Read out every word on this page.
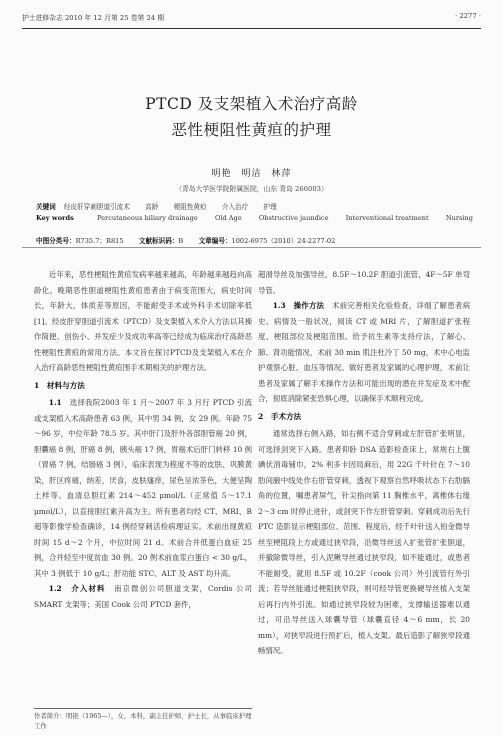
护士进修杂志 2010 年 12 月第 25 卷第 24 期	· 2277 ·
PTCD 及支架植入术治疗高龄
恶性梗阻性黄疸的护理
明艳　明洁　林萍
（青岛大学医学院附属医院，山东 青岛 266003）
关键词 经皮肝穿刺胆道引流术　　 高龄　　 梗阻性黄疸　　 介入治疗　　 护理
Key words	Percutaneous biliary drainage	Old Age	Obstructive jaundice	Interventional treatment	Nursing
中图分类号：R735.7；R815　　 文献标识码：B　　 文章编号：1002-6975（2010）24-2277-02

近年来，恶性梗阻性黄疸发病率越来越高，年龄越来越趋向高龄化。晚期恶性胆道梗阻性黄疸患者由于病变范围大，病史时间长，年龄大，体质差等原因，不能耐受手术或外科手术切除率低[1]。经皮肝穿胆道引流术（PTCD）及支架植入术介入方法以其操作简便、创伤小、并发症少及成功率高等已经成为临床治疗高龄恶性梗阻性黄疸的常用方法。本文旨在探讨PTCD及支架植入术在介入治疗高龄恶性梗阻性黄疸围手术期相关的护理方法。

1　材料与方法

1.1　 选择我院2003 年 1 月～2007 年 3 月行 PTCD 引流或支架植入术高龄患者 63 例，其中男 34 例，女 29 例。年龄 75～96 岁，中位年龄 78.5 岁。其中肝门及肝外各部胆管癌 20 例，胆囊癌 8 例，肝癌 8 例，胰头癌 17 例，胃癌术后肝门转移 10 例（胃癌 7 例，结肠癌 3 例），临床表现为程度不等的皮肤、巩膜黄染，肝区疼痛，纳差，厌食，皮肤瘙痒，尿色呈浓茶色，大便呈陶土样等。血清总胆红素 214～452 μmol/L（正常值 5～17.1 μmol/L），以直接胆红素升高为主。所有患者均经 CT、MRI、B 超等影像学检查确诊，14 例经穿刺活检病理证实。术前出现黄疸时间 15 d～2 个月，中位时间 21 d。术前合并低蛋白血症 25 例，合并轻至中度贫血 30 例。20 例术前血浆白蛋白 < 30 g/L，其中 3 例低于 10 g/L；肝功能 STC、ALT 及 AST 均升高。

1.2　 介入材料　 南京微创公司胆道支架，Cordis 公司 SMART 支架等；美国 Cook 公司 PTCD 套件，

作者简介：明艳（1965—），女，本科，副主任护师，护士长，从事临床护理工作

超滑导丝及加强导丝，8.5F～10.2F 胆道引流管，4F～5F 单弯导管。

1.3　 操作方法　 术前完善相关化验检查，详细了解患者病史、病情及一般状况，阅读 CT 或 MRI 片，了解胆道扩张程度、梗阻部位及梗阻范围。给予抗生素等支持疗法，了解心、肺、肾功能情况，术前 30 min 肌注杜冷丁 50 mg，术中心电监护观察心脏、血压等情况。做好患者及家属的心理护理，术前让患者及家属了解手术操作方法和可能出现的潜在并发症及术中配合，彻底消除紧张恐惧心理，以确保手术顺利完成。

2　手术方法

通常选择右侧入路，如右侧不适合穿刺或左肝管扩张明显，可选择剑突下入路。患者仰卧 DSA 造影检查床上，常规右上腹碘伏消毒铺巾，2% 利多卡因局麻后，用 22G 千叶针在 7～10 肋间腋中线处作右肝管穿刺，透视下观察自然呼吸状态下右肋膈角的位置，嘱患者屏气，针尖指向第 11 胸椎水平，离椎体右缘 2～3 cm 时停止进针，或剑突下作左肝管穿刺。穿刺成功后先行 PTC 造影显示梗阻部位、范围、程度后，经千叶针送入铂金微导丝至梗阻段上方或通过狭窄段，沿微导丝送入扩张管扩张胆道，并撤除微导丝，引入泥鳅导丝通过狭窄段，如不能通过，或患者不能耐受，就用 8.5F 或 10.2F（cook 公司）外引流管行外引流；若导丝能通过梗阻狭窄段，则可经导管更换硬导丝植入支架后再行内外引流。如通过狭窄段较为困难，支撑输送器难以通过，可沿导丝送入球囊导管（球囊直径 4～6 mm，长 20 mm），对狭窄段进行预扩后，植入支架。最后造影了解狭窄段通畅情况。
